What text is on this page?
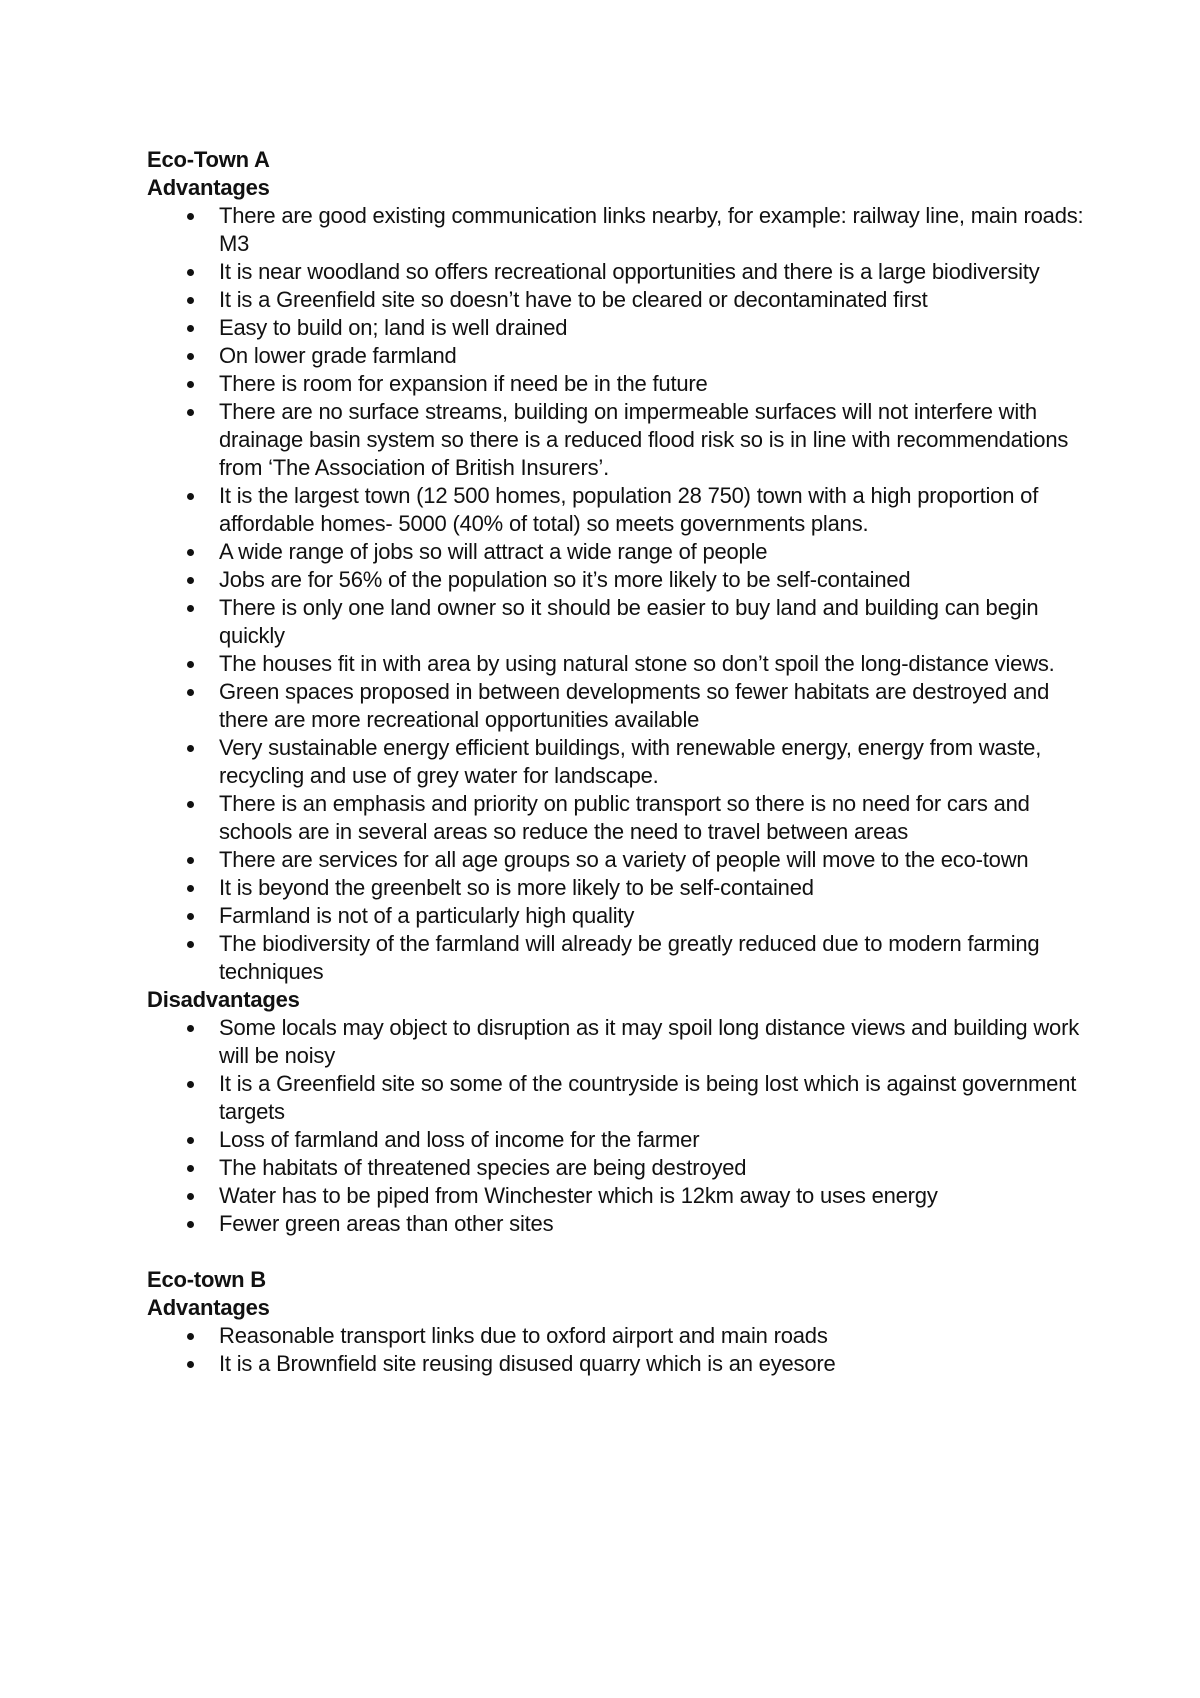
Eco-Town A
Advantages
There are good existing communication links nearby, for example: railway line, main roads: M3
It is near woodland so offers recreational opportunities and there is a large biodiversity
It is a Greenfield site so doesn’t have to be cleared or decontaminated first
Easy to build on; land is well drained
On lower grade farmland
There is room for expansion if need be in the future
There are no surface streams, building on impermeable surfaces will not interfere with drainage basin system so there is a reduced flood risk so is in line with recommendations from ‘The Association of British Insurers’.
It is the largest town (12 500 homes, population 28 750) town with a high proportion of affordable homes- 5000 (40% of total) so meets governments plans.
A wide range of jobs so will attract a wide range of people
Jobs are for 56% of the population so it’s more likely to be self-contained
There is only one land owner so it should be easier to buy land and building can begin quickly
The houses fit in with area by using natural stone so don’t spoil the long-distance views.
Green spaces proposed in between developments so fewer habitats are destroyed and there are more recreational opportunities available
Very sustainable energy efficient buildings, with renewable energy, energy from waste, recycling and use of grey water for landscape.
There is an emphasis and priority on public transport so there is no need for cars and schools are in several areas so reduce the need to travel between areas
There are services for all age groups so a variety of people will move to the eco-town
It is beyond the greenbelt so is more likely to be self-contained
Farmland is not of a particularly high quality
The biodiversity of the farmland will already be greatly reduced due to modern farming techniques
Disadvantages
Some locals may object to disruption as it may spoil long distance views and building work will be noisy
It is a Greenfield site so some of the countryside is being lost which is against government targets
Loss of farmland and loss of income for the farmer
The habitats of threatened species are being destroyed
Water has to be piped from Winchester which is 12km away to uses energy
Fewer green areas than other sites
Eco-town B
Advantages
Reasonable transport links due to oxford airport and main roads
It is a Brownfield site reusing disused quarry which is an eyesore
